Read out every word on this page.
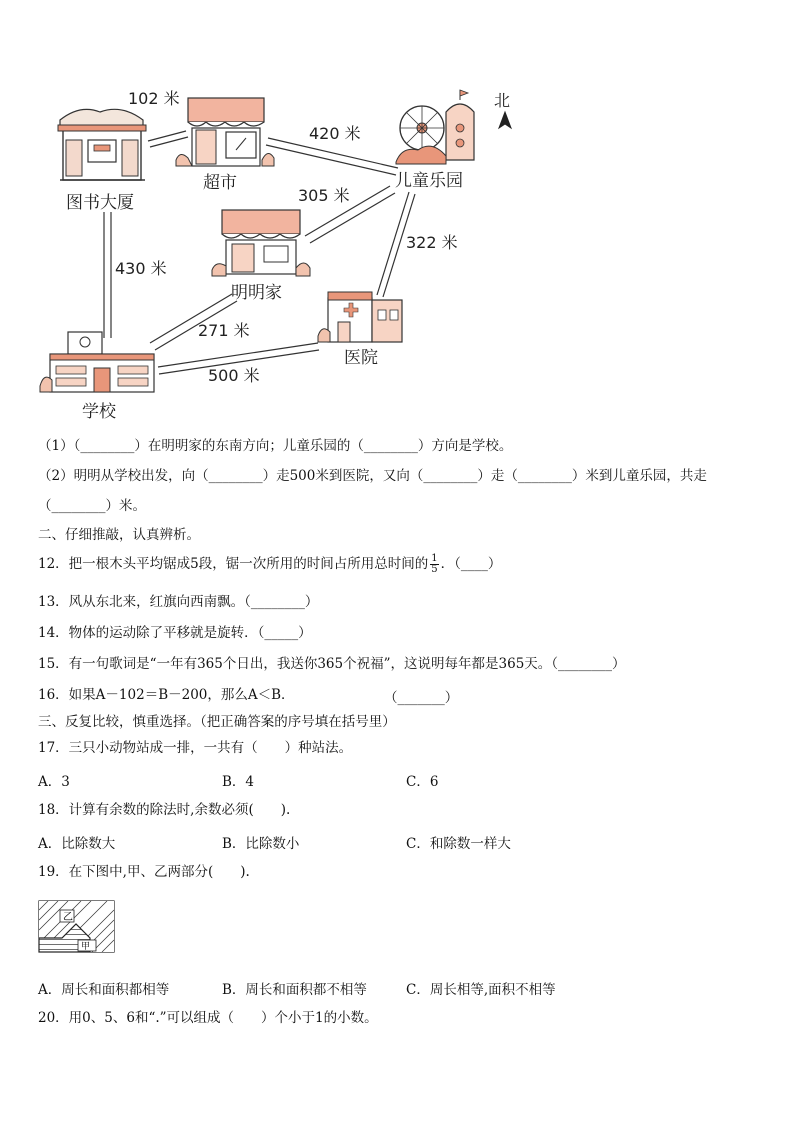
图书大厦
超市	儿童乐园
北
明明家
医院
学校
102 米
420 米
305 米
322 米
430 米
271 米
500 米
（1）（________）在明明家的东南方向；儿童乐园的（________）方向是学校。
（2）明明从学校出发，向（________）走500米到医院，又向（________）走（________）米到儿童乐园，共走
（________）米。
二、仔细推敲，认真辨析。
12．把一根木头平均锯成5段，锯一次所用的时间占所用总时间的 $\frac{1}{5}$ ．（____）
13．风从东北来，红旗向西南飘。（________）
14．物体的运动除了平移就是旋转．（_____）
15．有一句歌词是“一年有365个日出，我送你365个祝福”，这说明每年都是365天。（________）
16．如果A－102＝B－200，那么A＜B．	（_______）
三、反复比较，慎重选择。（把正确答案的序号填在括号里）
17．三只小动物站成一排，一共有（　　）种站法。
A．3	B．4	C．6
18．计算有余数的除法时,余数必须(　　).
A．比除数大	B．比除数小	C．和除数一样大
19．在下图中,甲、乙两部分(　　).
乙
甲
A．周长和面积都相等	B．周长和面积都不相等	C．周长相等,面积不相等
20．用0、5、6和“.”可以组成（　　）个小于1的小数。
